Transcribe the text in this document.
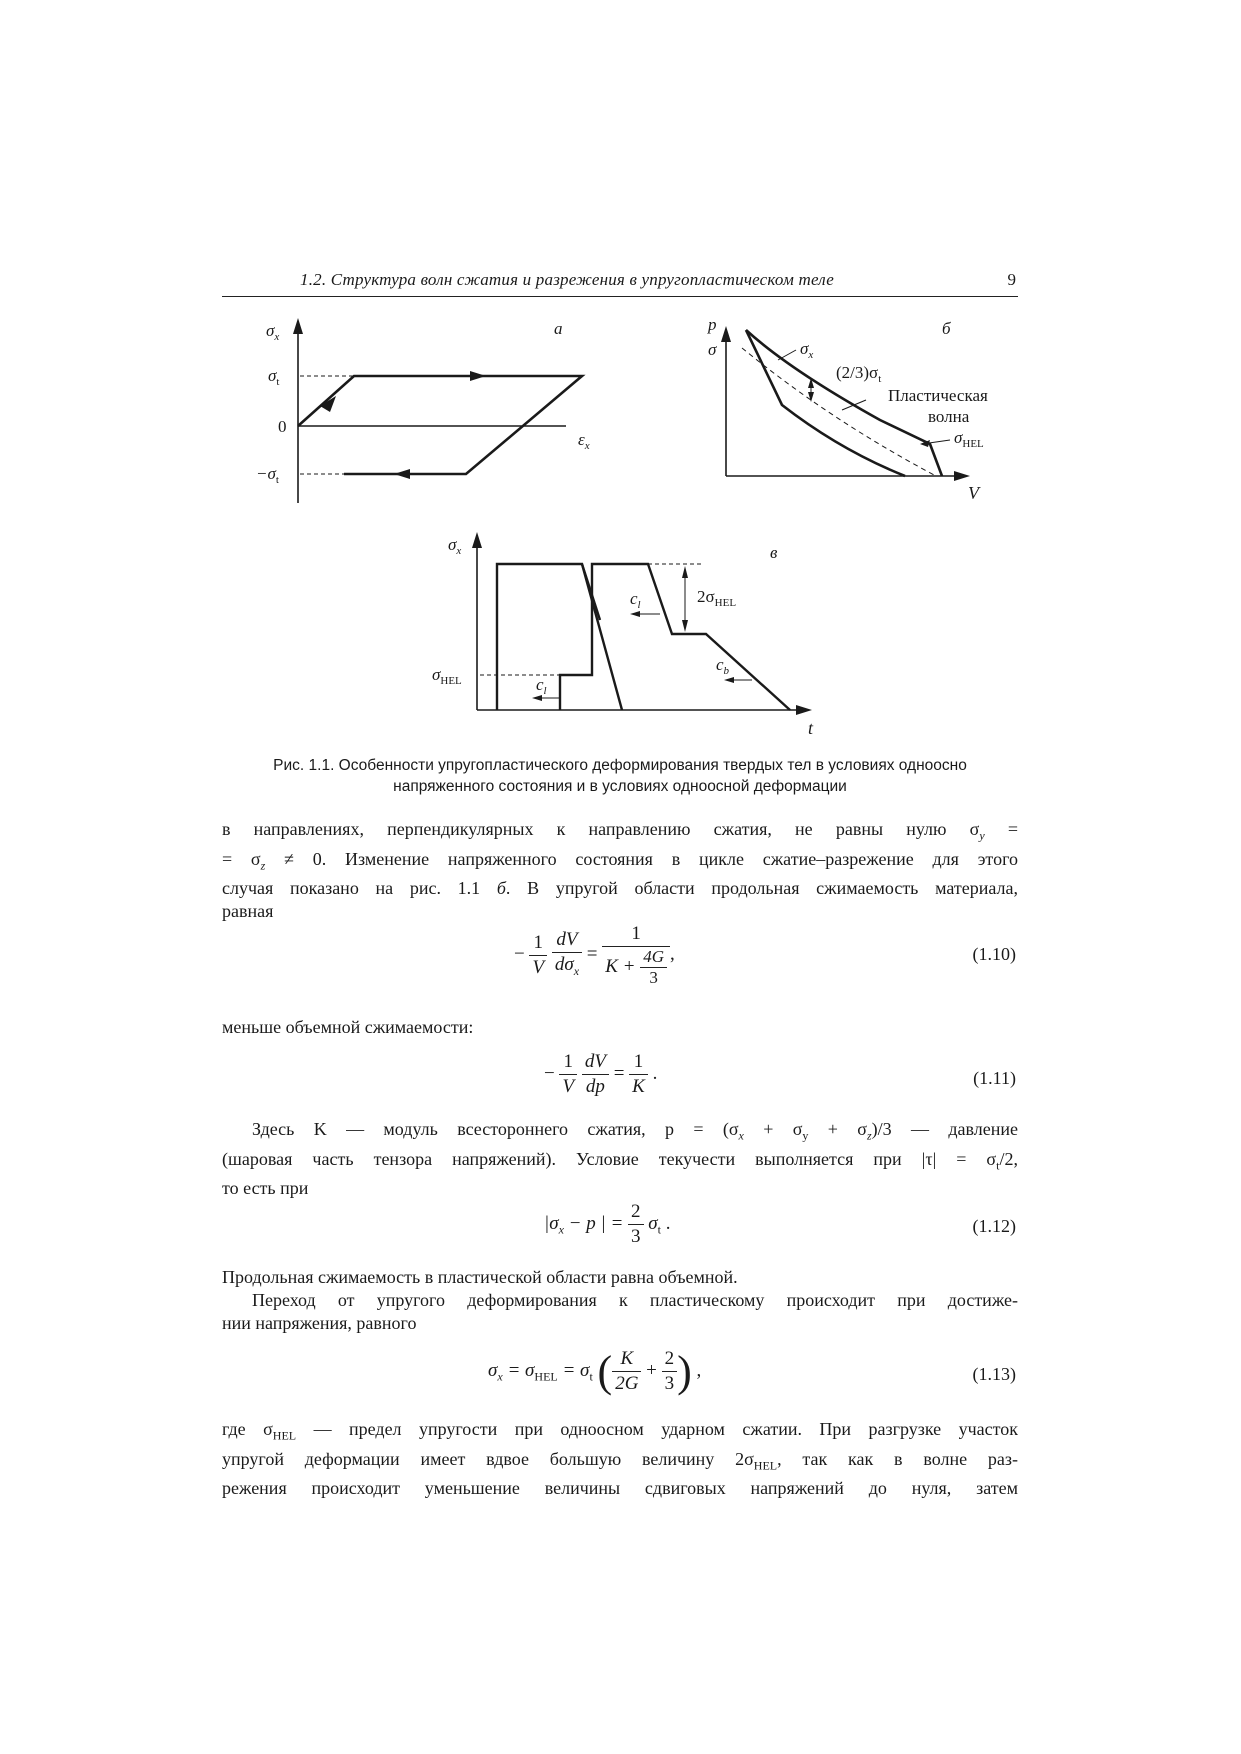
1.2. Структура волн сжатия и разрежения в упругопластическом теле	9
$\sigma_x$
$\sigma_t$
0
$-\sigma_t$
$\varepsilon_x$
а	p
σ
V
$\sigma_x$
$(2/3)\sigma_t$
Пластическая
волна
$\sigma_{HEL}$
б
$\sigma_x$
$\sigma_{HEL}$
$2\sigma_{HEL}$
$c_l$
$c_l$
$c_b$
t
в
Рис. 1.1. Особенности упругопластического деформирования твердых тел в условиях одноосно
напряженного состояния и в условиях одноосной деформации
в направлениях, перпендикулярных к направлению сжатия, не равны нулю $\sigma_y$ =
= $\sigma_z \ne 0$. Изменение напряженного состояния в цикле сжатие–разрежение для этого
случая показано на рис. 1.1 б. В упругой области продольная сжимаемость материала,
равная
− $\frac{1}{V}$
$\frac{dV}{d\sigma_x} = \frac{1}{K + \frac{4G}{3}}$ ,	(1.10)
меньше объемной сжимаемости:
− $\frac{1}{V}$
$\frac{dV}{dp} = \frac{1}{K}$ .	(1.11)
Здесь K — модуль всестороннего сжатия, $p = (\sigma_x + \sigma_y + \sigma_z)/3$ — давление
(шаровая часть тензора напряжений). Условие текучести выполняется при $|\tau| = \sigma_t/2$,
то есть при
$|\sigma_x - p$ | = $\frac{2}{3} \sigma_t$ .	(1.12)
Продольная сжимаемость в пластической области равна объемной.
Переход от упругого деформирования к пластическому происходит при достиже-
нии напряжения, равного
$\sigma_x = \sigma_{HEL} = \sigma_t$ ( $\frac{K}{2G} + \frac{2}{3}$ ) ,	(1.13)
где $\sigma_{HEL}$ — предел упругости при одноосном ударном сжатии. При разгрузке участок
упругой деформации имеет вдвое большую величину $2\sigma_{HEL}$, так как в волне раз-
режения происходит уменьшение величины сдвиговых напряжений до нуля, затем
